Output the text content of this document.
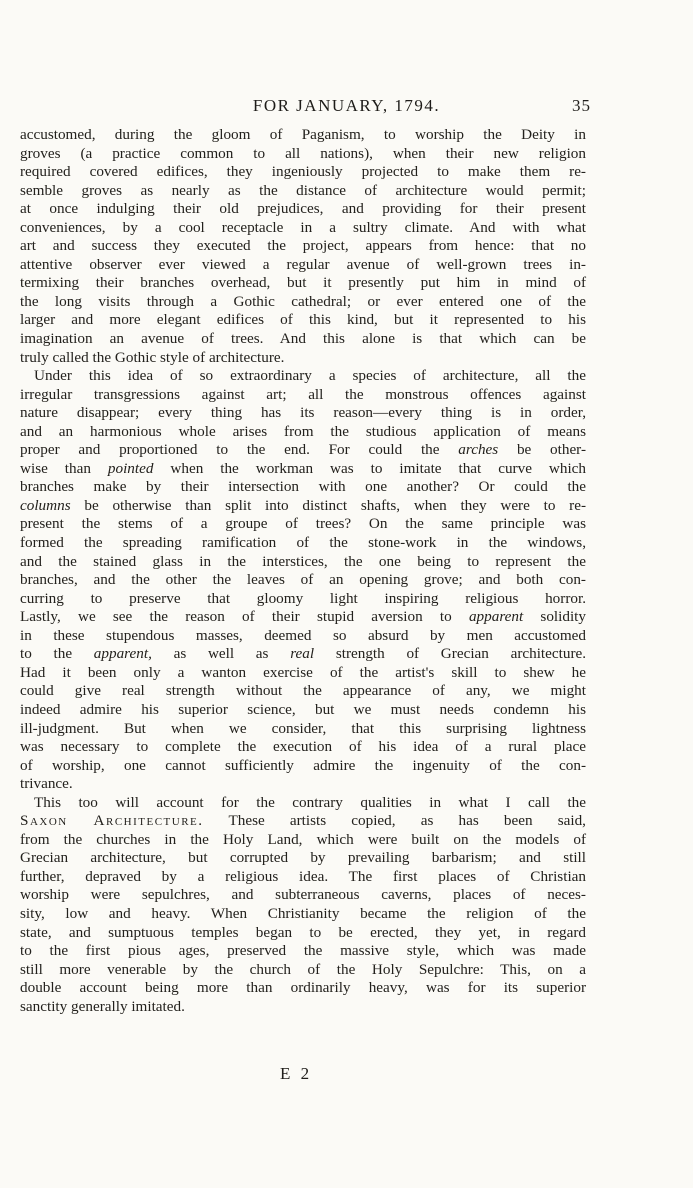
FOR JANUARY, 1794.	35
accustomed, during the gloom of Paganism, to worship the Deity in
groves (a practice common to all nations), when their new religion
required covered edifices, they ingeniously projected to make them re-
semble groves as nearly as the distance of architecture would permit;
at once indulging their old prejudices, and providing for their present
conveniences, by a cool receptacle in a sultry climate. And with what
art and success they executed the project, appears from hence: that no
attentive observer ever viewed a regular avenue of well-grown trees in-
termixing their branches overhead, but it presently put him in mind of
the long visits through a Gothic cathedral; or ever entered one of the
larger and more elegant edifices of this kind, but it represented to his
imagination an avenue of trees. And this alone is that which can be
truly called the Gothic style of architecture.
Under this idea of so extraordinary a species of architecture, all the
irregular transgressions against art; all the monstrous offences against
nature disappear; every thing has its reason—every thing is in order,
and an harmonious whole arises from the studious application of means
proper and proportioned to the end. For could the arches be other-
wise than pointed when the workman was to imitate that curve which
branches make by their intersection with one another? Or could the
columns be otherwise than split into distinct shafts, when they were to re-
present the stems of a groupe of trees? On the same principle was
formed the spreading ramification of the stone-work in the windows,
and the stained glass in the interstices, the one being to represent the
branches, and the other the leaves of an opening grove; and both con-
curring to preserve that gloomy light inspiring religious horror.
Lastly, we see the reason of their stupid aversion to apparent solidity
in these stupendous masses, deemed so absurd by men accustomed
to the apparent, as well as real strength of Grecian architecture.
Had it been only a wanton exercise of the artist's skill to shew he
could give real strength without the appearance of any, we might
indeed admire his superior science, but we must needs condemn his
ill-judgment. But when we consider, that this surprising lightness
was necessary to complete the execution of his idea of a rural place
of worship, one cannot sufficiently admire the ingenuity of the con-
trivance.
This too will account for the contrary qualities in what I call the
Saxon Architecture. These artists copied, as has been said,
from the churches in the Holy Land, which were built on the models of
Grecian architecture, but corrupted by prevailing barbarism; and still
further, depraved by a religious idea. The first places of Christian
worship were sepulchres, and subterraneous caverns, places of neces-
sity, low and heavy. When Christianity became the religion of the
state, and sumptuous temples began to be erected, they yet, in regard
to the first pious ages, preserved the massive style, which was made
still more venerable by the church of the Holy Sepulchre: This, on a
double account being more than ordinarily heavy, was for its superior
sanctity generally imitated.
E 2
